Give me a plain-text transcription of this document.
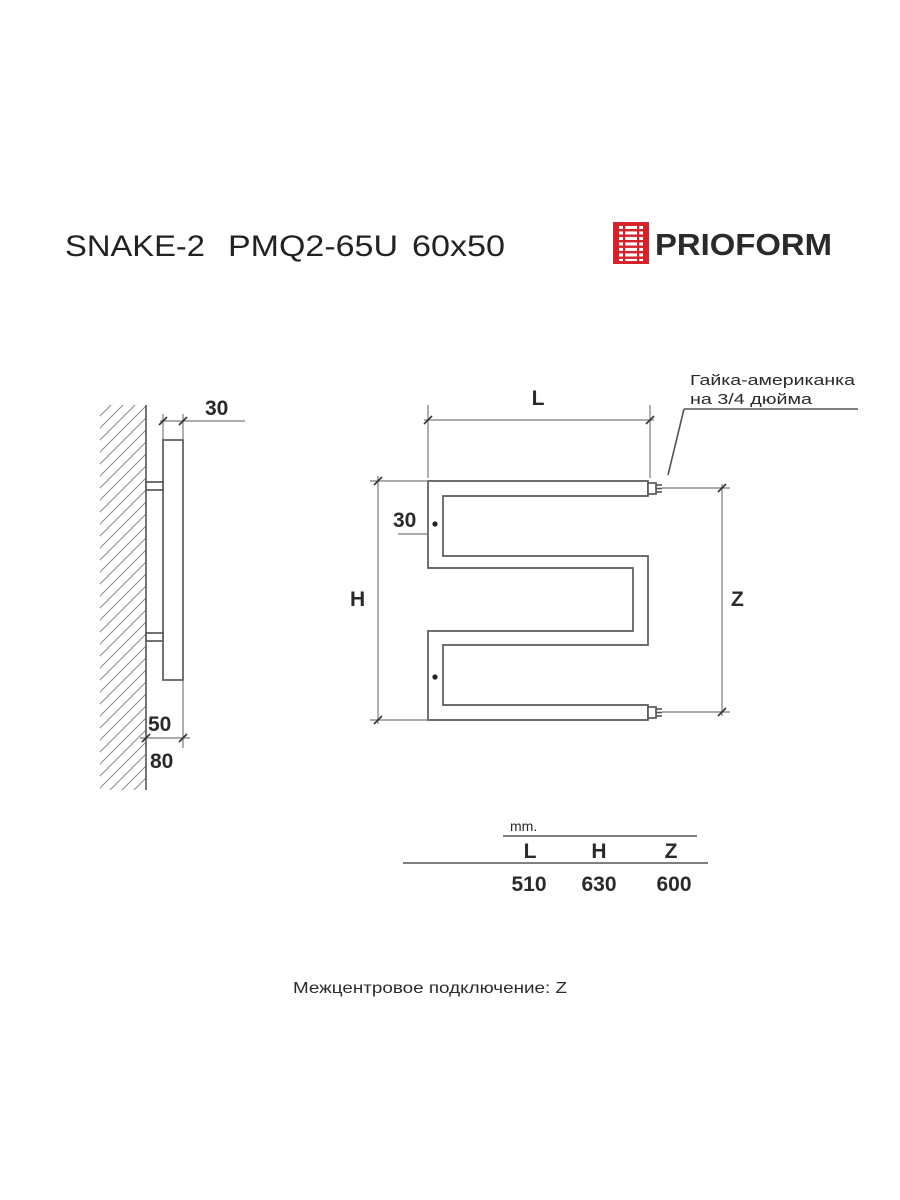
SNAKE-2 PMQ2-65U 60x50	PRIOFORM
30
50
80
L
Гайка-американка
на 3/4 дюйма
30
H	Z
mm.
L	H	Z
510 630 600
Межцентровое подключение: Z
